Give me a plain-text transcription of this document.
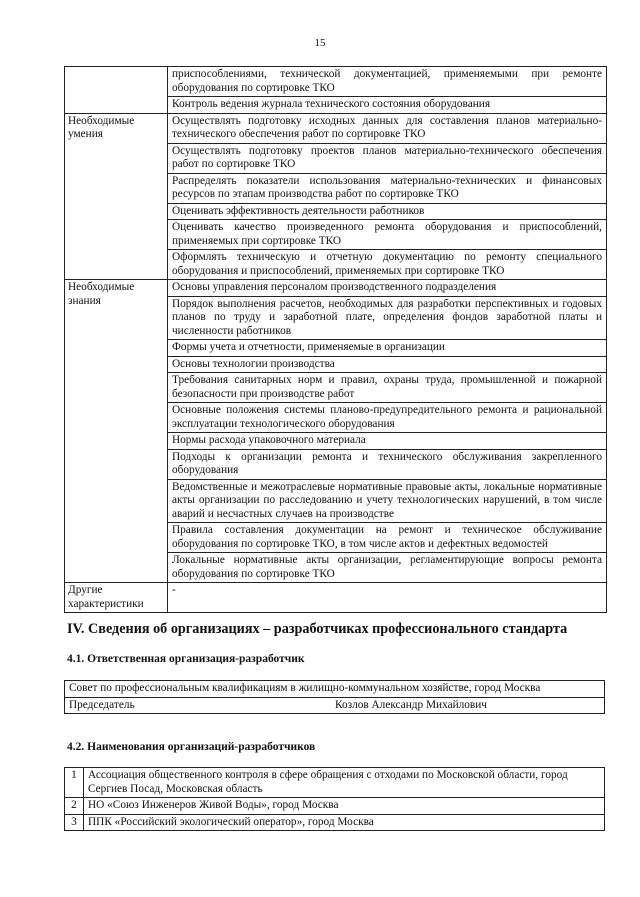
15
	приспособлениями, технической документацией, применяемыми при ремонте оборудования по сортировке ТКО
	Контроль ведения журнала технического состояния оборудования
Необходимые умения	Осуществлять подготовку исходных данных для составления планов материально-технического обеспечения работ по сортировке ТКО
	Осуществлять подготовку проектов планов материально-технического обеспечения работ по сортировке ТКО
	Распределять показатели использования материально-технических и финансовых ресурсов по этапам производства работ по сортировке ТКО
	Оценивать эффективность деятельности работников
	Оценивать качество произведенного ремонта оборудования и приспособлений, применяемых при сортировке ТКО
	Оформлять техническую и отчетную документацию по ремонту специального оборудования и приспособлений, применяемых при сортировке ТКО
Необходимые знания	Основы управления персоналом производственного подразделения
	Порядок выполнения расчетов, необходимых для разработки перспективных и годовых планов по труду и заработной плате, определения фондов заработной платы и численности работников
	Формы учета и отчетности, применяемые в организации
	Основы технологии производства
	Требования санитарных норм и правил, охраны труда, промышленной и пожарной безопасности при производстве работ
	Основные положения системы планово-предупредительного ремонта и рациональной эксплуатации технологического оборудования
	Нормы расхода упаковочного материала
	Подходы к организации ремонта и технического обслуживания закрепленного оборудования
	Ведомственные и межотраслевые нормативные правовые акты, локальные нормативные акты организации по расследованию и учету технологических нарушений, в том числе аварий и несчастных случаев на производстве
	Правила составления документации на ремонт и техническое обслуживание оборудования по сортировке ТКО, в том числе актов и дефектных ведомостей
	Локальные нормативные акты организации, регламентирующие вопросы ремонта оборудования по сортировке ТКО
Другие характеристики	-
IV. Сведения об организациях – разработчиках профессионального стандарта
4.1. Ответственная организация-разработчик
Совет по профессиональным квалификациям в жилищно-коммунальном хозяйстве, город Москва

Председатель	Козлов Александр Михайлович
4.2. Наименования организаций-разработчиков
1	Ассоциация общественного контроля в сфере обращения с отходами по Московской области, город Сергиев Посад, Московская область
2	НО «Союз Инженеров Живой Воды», город Москва
3	ППК «Российский экологический оператор», город Москва
